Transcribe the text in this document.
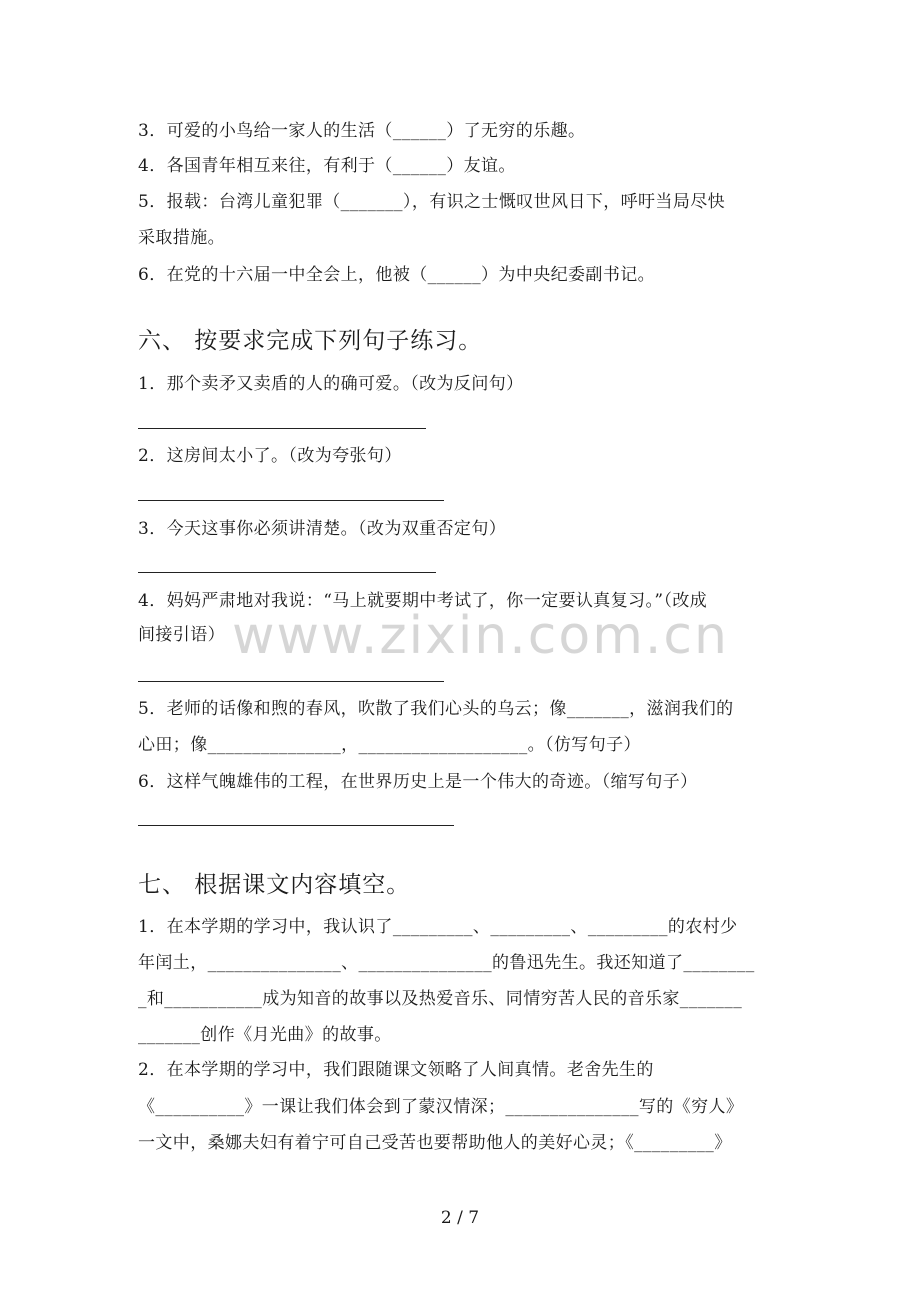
3．可爱的小鸟给一家人的生活（______）了无穷的乐趣。
4．各国青年相互来往，有利于（______）友谊。
5．报载：台湾儿童犯罪（_______），有识之士慨叹世风日下，呼吁当局尽快
采取措施。
6．在党的十六届一中全会上，他被（______）为中央纪委副书记。
六、 按要求完成下列句子练习。
1．那个卖矛又卖盾的人的确可爱。（改为反问句）
2．这房间太小了。（改为夸张句）
3．今天这事你必须讲清楚。（改为双重否定句）
4．妈妈严肃地对我说：“马上就要期中考试了，你一定要认真复习。”（改成
间接引语）
5．老师的话像和煦的春风，吹散了我们心头的乌云；像_______，滋润我们的
心田；像_______________，___________________。（仿写句子）
6．这样气魄雄伟的工程，在世界历史上是一个伟大的奇迹。（缩写句子）
七、 根据课文内容填空。
1．在本学期的学习中，我认识了_________、_________、_________的农村少
年闰土，_______________、_______________的鲁迅先生。我还知道了________
_和___________成为知音的故事以及热爱音乐、同情穷苦人民的音乐家_______
_______创作《月光曲》的故事。
2．在本学期的学习中，我们跟随课文领略了人间真情。老舍先生的
《__________》一课让我们体会到了蒙汉情深；_______________写的《穷人》
一文中，桑娜夫妇有着宁可自己受苦也要帮助他人的美好心灵；《_________》
www.zixin.com.cn
2 / 7
